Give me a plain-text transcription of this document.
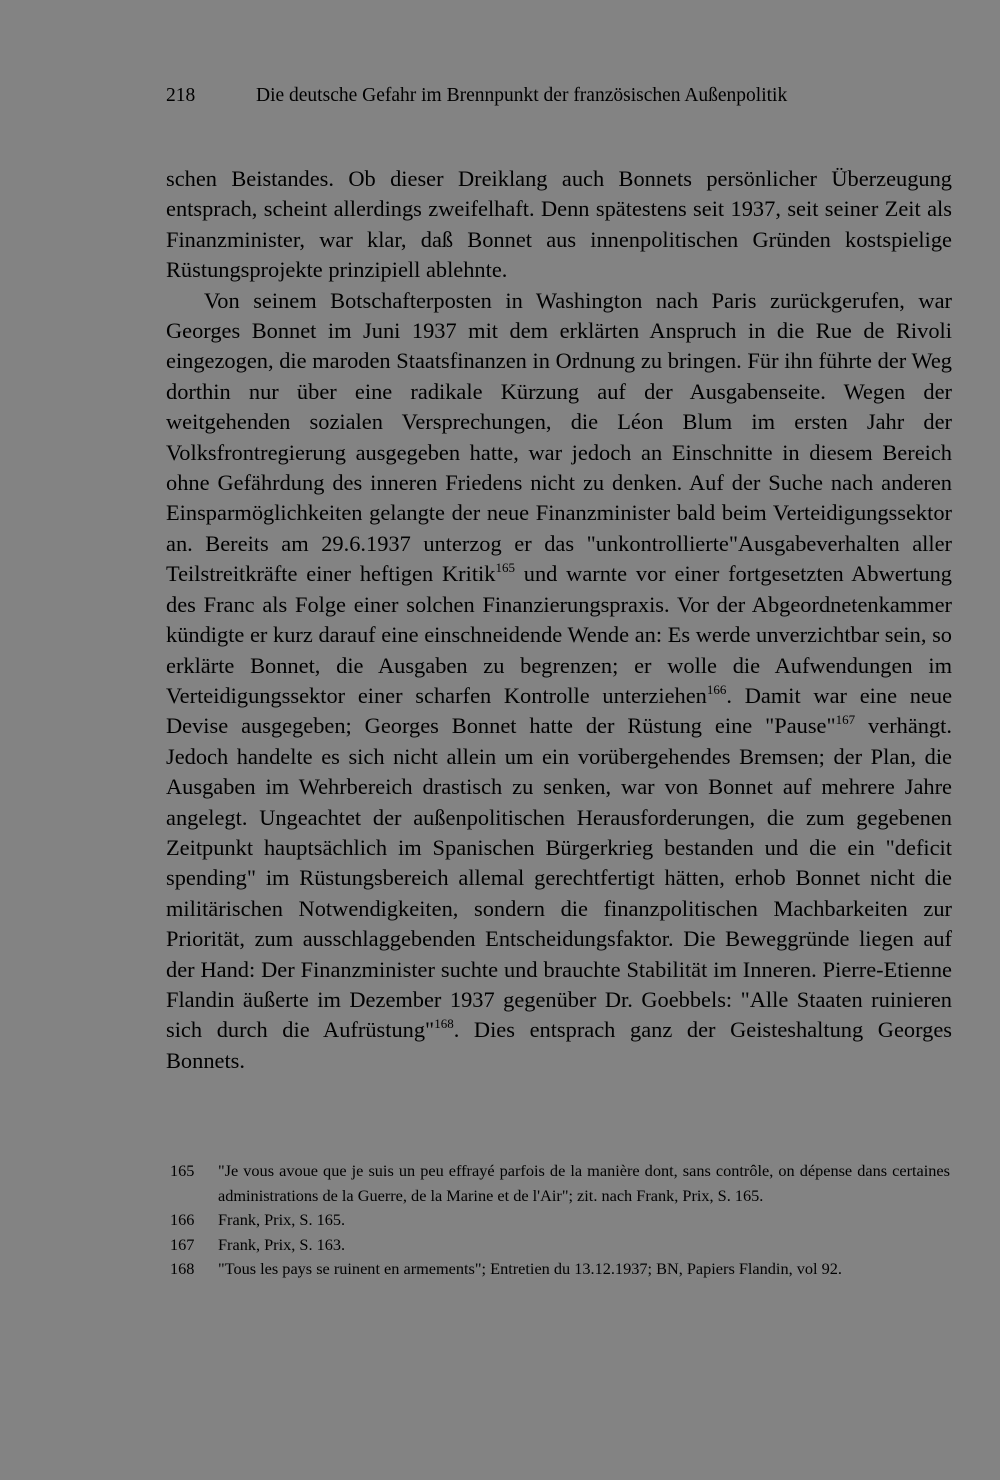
218	Die deutsche Gefahr im Brennpunkt der französischen Außenpolitik

schen Beistandes. Ob dieser Dreiklang auch Bonnets persönlicher Überzeugung entsprach, scheint allerdings zweifelhaft. Denn spätestens seit 1937, seit seiner Zeit als Finanzminister, war klar, daß Bonnet aus innenpolitischen Gründen kostspielige Rüstungsprojekte prinzipiell ablehnte.

Von seinem Botschafterposten in Washington nach Paris zurückgerufen, war Georges Bonnet im Juni 1937 mit dem erklärten Anspruch in die Rue de Rivoli eingezogen, die maroden Staatsfinanzen in Ordnung zu bringen. Für ihn führte der Weg dorthin nur über eine radikale Kürzung auf der Ausgabenseite. Wegen der weitgehenden sozialen Versprechungen, die Léon Blum im ersten Jahr der Volksfrontregierung ausgegeben hatte, war jedoch an Einschnitte in diesem Bereich ohne Gefährdung des inneren Friedens nicht zu denken. Auf der Suche nach anderen Einsparmöglichkeiten gelangte der neue Finanzminister bald beim Verteidigungssektor an. Bereits am 29.6.1937 unterzog er das "unkontrollierte"Ausgabeverhalten aller Teilstreitkräfte einer heftigen Kritik$^{165}$ und warnte vor einer fortgesetzten Abwertung des Franc als Folge einer solchen Finanzierungspraxis. Vor der Abgeordnetenkammer kündigte er kurz darauf eine einschneidende Wende an: Es werde unverzichtbar sein, so erklärte Bonnet, die Ausgaben zu begrenzen; er wolle die Aufwendungen im Verteidigungssektor einer scharfen Kontrolle unterziehen$^{166}$. Damit war eine neue Devise ausgegeben; Georges Bonnet hatte der Rüstung eine "Pause"$^{167}$ verhängt. Jedoch handelte es sich nicht allein um ein vorübergehendes Bremsen; der Plan, die Ausgaben im Wehrbereich drastisch zu senken, war von Bonnet auf mehrere Jahre angelegt. Ungeachtet der außenpolitischen Herausforderungen, die zum gegebenen Zeitpunkt hauptsächlich im Spanischen Bürgerkrieg bestanden und die ein "deficit spending" im Rüstungsbereich allemal gerechtfertigt hätten, erhob Bonnet nicht die militärischen Notwendigkeiten, sondern die finanzpolitischen Machbarkeiten zur Priorität, zum ausschlaggebenden Entscheidungsfaktor. Die Beweggründe liegen auf der Hand: Der Finanzminister suchte und brauchte Stabilität im Inneren. Pierre-Etienne Flandin äußerte im Dezember 1937 gegenüber Dr. Goebbels: "Alle Staaten ruinieren sich durch die Aufrüstung"$^{168}$. Dies entsprach ganz der Geisteshaltung Georges Bonnets.

165	"Je vous avoue que je suis un peu effrayé parfois de la manière dont, sans contrôle, on dépense dans certaines administrations de la Guerre, de la Marine et de l'Air"; zit. nach Frank, Prix, S. 165.
166	Frank, Prix, S. 165.
167	Frank, Prix, S. 163.
168	"Tous les pays se ruinent en armements"; Entretien du 13.12.1937; BN, Papiers Flandin, vol 92.
